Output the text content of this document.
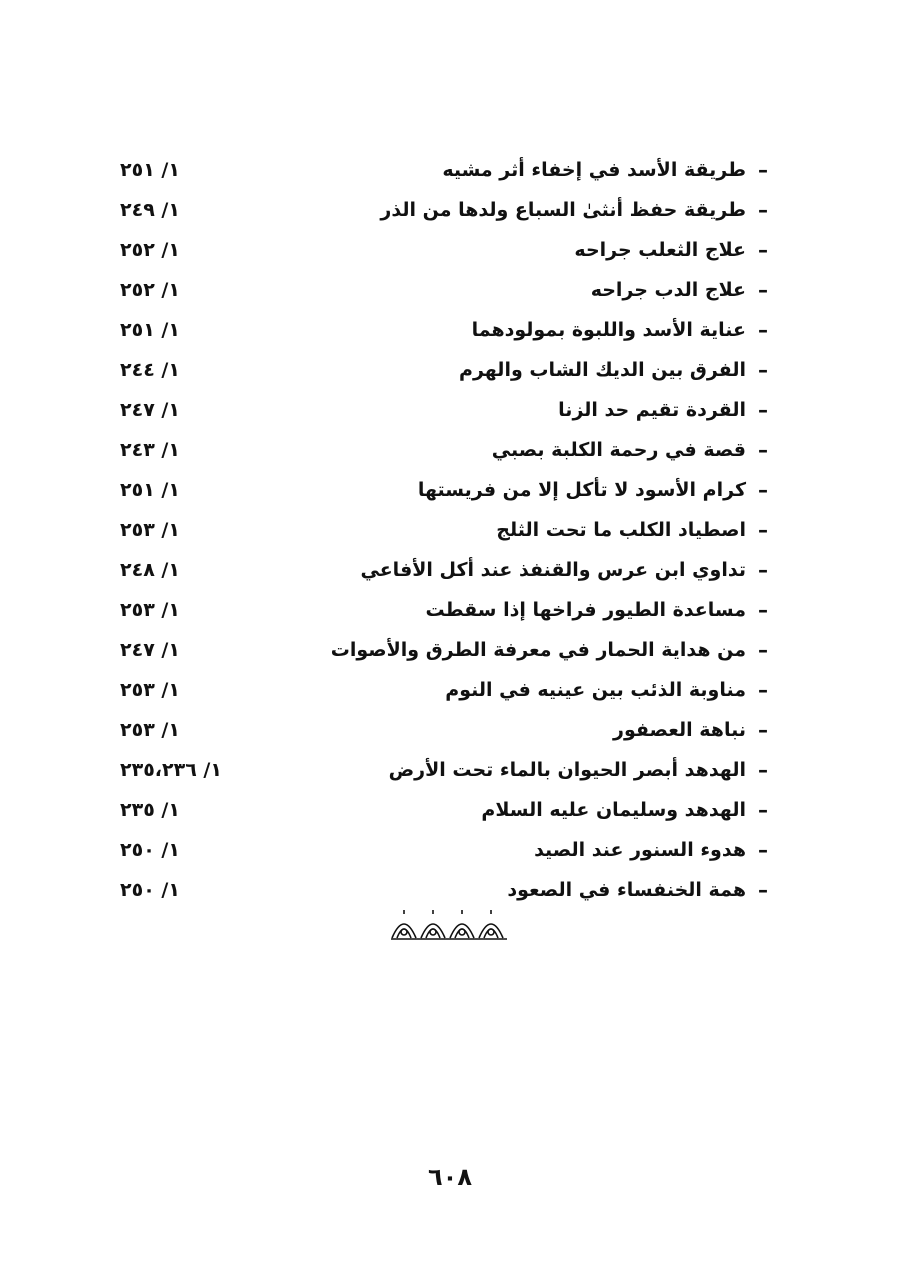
–
طريقة الأسد في إخفاء أثر مشيه
١/ ٢٥١
–
طريقة حفظ أنثىٰ السباع ولدها من الذر
١/ ٢٤٩
–
علاج الثعلب جراحه
١/ ٢٥٢
–
علاج الدب جراحه
١/ ٢٥٢
–
عناية الأسد واللبوة بمولودهما
١/ ٢٥١
–
الفرق بين الديك الشاب والهرم
١/ ٢٤٤
–
القردة تقيم حد الزنا
١/ ٢٤٧
–
قصة في رحمة الكلبة بصبي
١/ ٢٤٣
–
كرام الأسود لا تأكل إلا من فريستها
١/ ٢٥١
–
اصطياد الكلب ما تحت الثلج
١/ ٢٥٣
–
تداوي ابن عرس والقنفذ عند أكل الأفاعي
١/ ٢٤٨
–
مساعدة الطيور فراخها إذا سقطت
١/ ٢٥٣
–
من هداية الحمار في معرفة الطرق والأصوات
١/ ٢٤٧
–
مناوبة الذئب بين عينيه في النوم
١/ ٢٥٣
–
نباهة العصفور
١/ ٢٥٣
–
الهدهد أبصر الحيوان بالماء تحت الأرض
١/ ٢٣٥،٢٣٦
–
الهدهد وسليمان عليه السلام
١/ ٢٣٥
–
هدوء السنور عند الصيد
١/ ٢٥٠
–
همة الخنفساء في الصعود
١/ ٢٥٠
٦٠٨
